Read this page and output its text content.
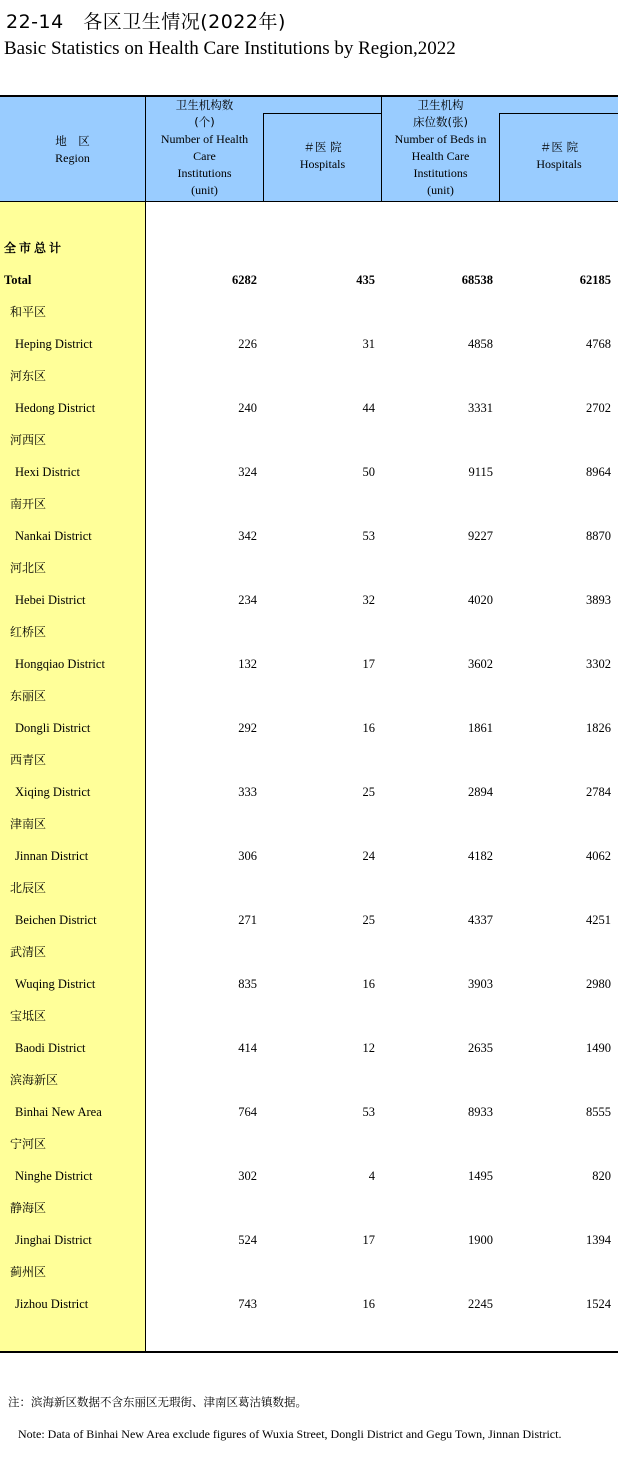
22-14　各区卫生情况(2022年)
Basic Statistics on Health Care Institutions by Region,2022
地　区
Region
卫生机构数
(个)
Number of Health
Care
Institutions
(unit)
＃医 院
Hospitals
卫生机构
床位数(张)
Number of Beds in
Health Care
Institutions
(unit)
＃医 院
Hospitals
全市总计
Total	6282	435	68538	62185
和平区
Heping District	226	31	4858	4768
河东区
Hedong District	240	44	3331	2702
河西区
Hexi District	324	50	9115	8964
南开区
Nankai District	342	53	9227	8870
河北区
Hebei District	234	32	4020	3893
红桥区
Hongqiao District	132	17	3602	3302
东丽区
Dongli District	292	16	1861	1826
西青区
Xiqing District	333	25	2894	2784
津南区
Jinnan District	306	24	4182	4062
北辰区
Beichen District	271	25	4337	4251
武清区
Wuqing District	835	16	3903	2980
宝坻区
Baodi District	414	12	2635	1490
滨海新区
Binhai New Area	764	53	8933	8555
宁河区
Ninghe District	302	4	1495	820
静海区
Jinghai District	524	17	1900	1394
蓟州区
Jizhou District	743	16	2245	1524
注：滨海新区数据不含东丽区无瑕街、津南区葛沽镇数据。
Note: Data of Binhai New Area exclude figures of Wuxia Street, Dongli District and Gegu Town, Jinnan District.
